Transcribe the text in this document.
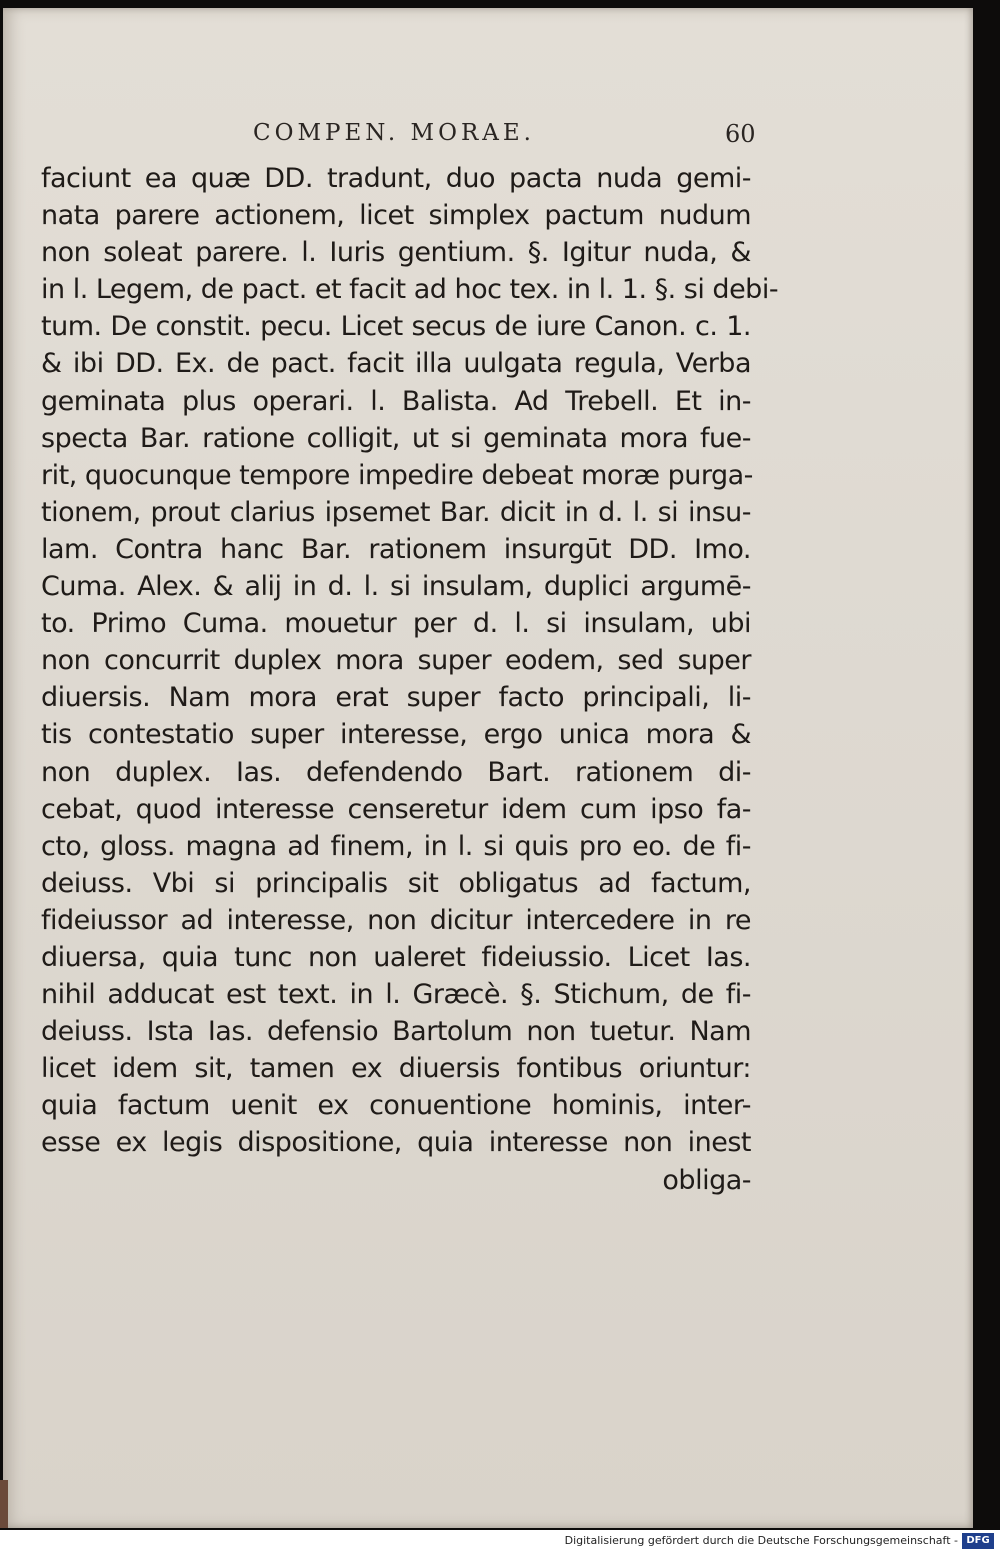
COMPEN. MORAE.	60
faciunt ea quæ DD. tradunt, duo pacta nuda gemi-
nata parere actionem, licet simplex pactum nudum
non soleat parere. l. Iuris gentium. §. Igitur nuda, &
in l. Legem, de pact. et facit ad hoc tex. in l. 1. §. si debi-
tum. De constit. pecu. Licet secus de iure Canon. c. 1.
& ibi DD. Ex. de pact. facit illa uulgata regula, Verba
geminata plus operari. l. Balista. Ad Trebell. Et in-
specta Bar. ratione colligit, ut si geminata mora fue-
rit, quocunque tempore impedire debeat moræ purga-
tionem, prout clarius ipsemet Bar. dicit in d. l. si insu-
lam. Contra hanc Bar. rationem insurgūt DD. Imo.
Cuma. Alex. & alij in d. l. si insulam, duplici argumē-
to. Primo Cuma. mouetur per d. l. si insulam, ubi
non concurrit duplex mora super eodem, sed super
diuersis. Nam mora erat super facto principali, li-
tis contestatio super interesse, ergo unica mora &
non duplex. Ias. defendendo Bart. rationem di-
cebat, quod interesse censeretur idem cum ipso fa-
cto, gloss. magna ad finem, in l. si quis pro eo. de fi-
deiuss. Vbi si principalis sit obligatus ad factum,
fideiussor ad interesse, non dicitur intercedere in re
diuersa, quia tunc non ualeret fideiussio. Licet Ias.
nihil adducat est text. in l. Græcè. §. Stichum, de fi-
deiuss. Ista Ias. defensio Bartolum non tuetur. Nam
licet idem sit, tamen ex diuersis fontibus oriuntur:
quia factum uenit ex conuentione hominis, inter-
esse ex legis dispositione, quia interesse non inest
obliga-
Digitalisierung gefördert durch die Deutsche Forschungsgemeinschaft - DFG
